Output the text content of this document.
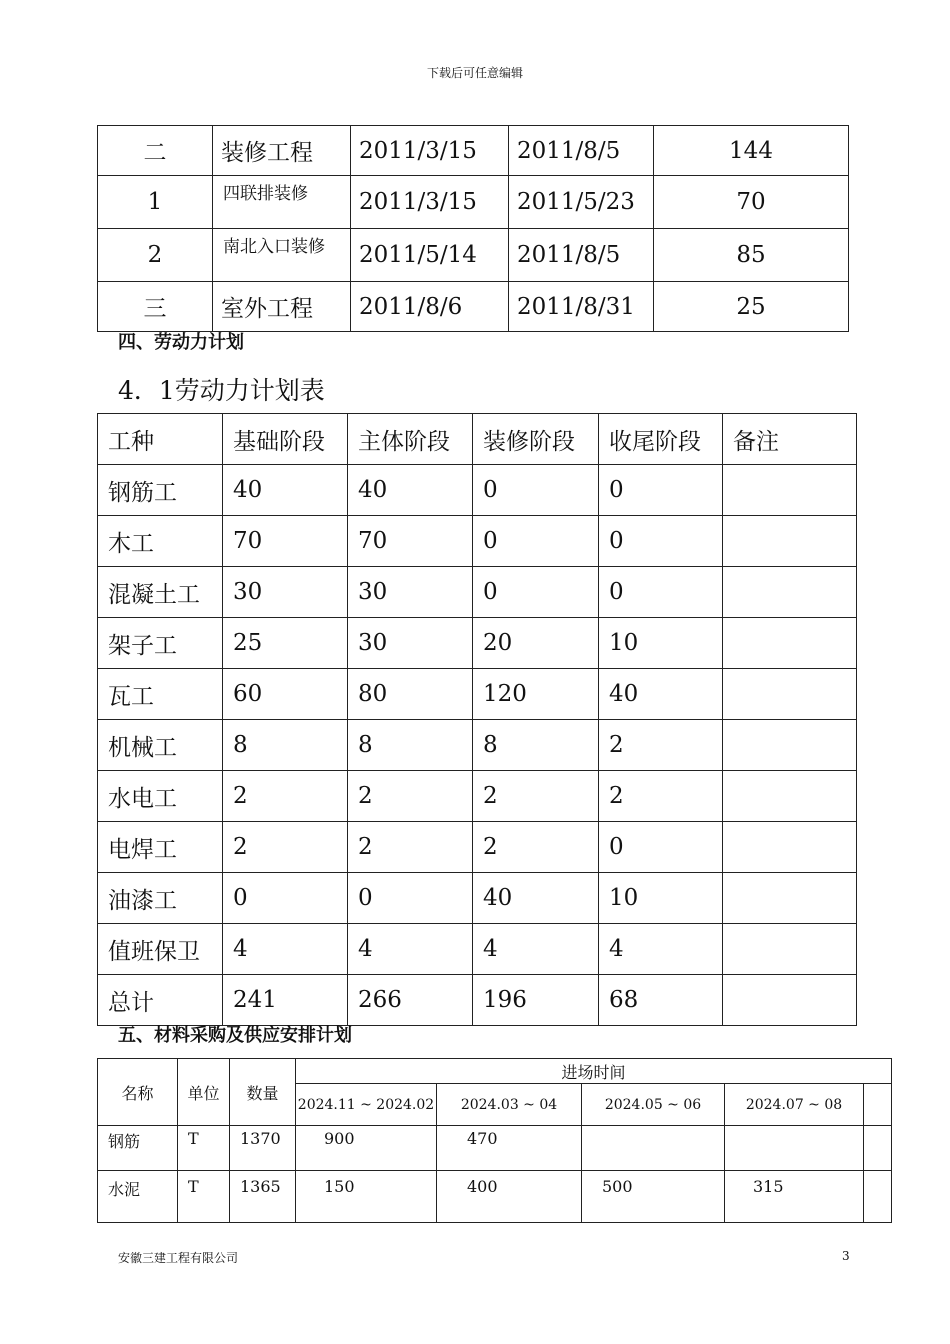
下载后可任意编辑
二	装修工程	2011/3/15	2011/8/5	144
1	四联排装修	2011/3/15	2011/5/23	70
2	南北入口装修	2011/5/14	2011/8/5	85
三	室外工程	2011/8/6	2011/8/31	25
四、劳动力计划
4．1劳动力计划表
工种	基础阶段	主体阶段	装修阶段	收尾阶段	备注
钢筋工	40	40	0	0	
木工	70	70	0	0	
混凝土工	30	30	0	0	
架子工	25	30	20	10	
瓦工	60	80	120	40	
机械工	8	8	8	2	
水电工	2	2	2	2	
电焊工	2	2	2	0	
油漆工	0	0	40	10	
值班保卫	4	4	4	4	
总计	241	266	196	68	
五、材料采购及供应安排计划
名称	单位	数量	进场时间				
			2024.11 ~ 2024.02	2024.03 ~ 04	2024.05 ~ 06	2024.07 ~ 08	
钢筋	T	1370	900	470			
水泥	T	1365	150	400	500	315	
安徽三建工程有限公司	3
